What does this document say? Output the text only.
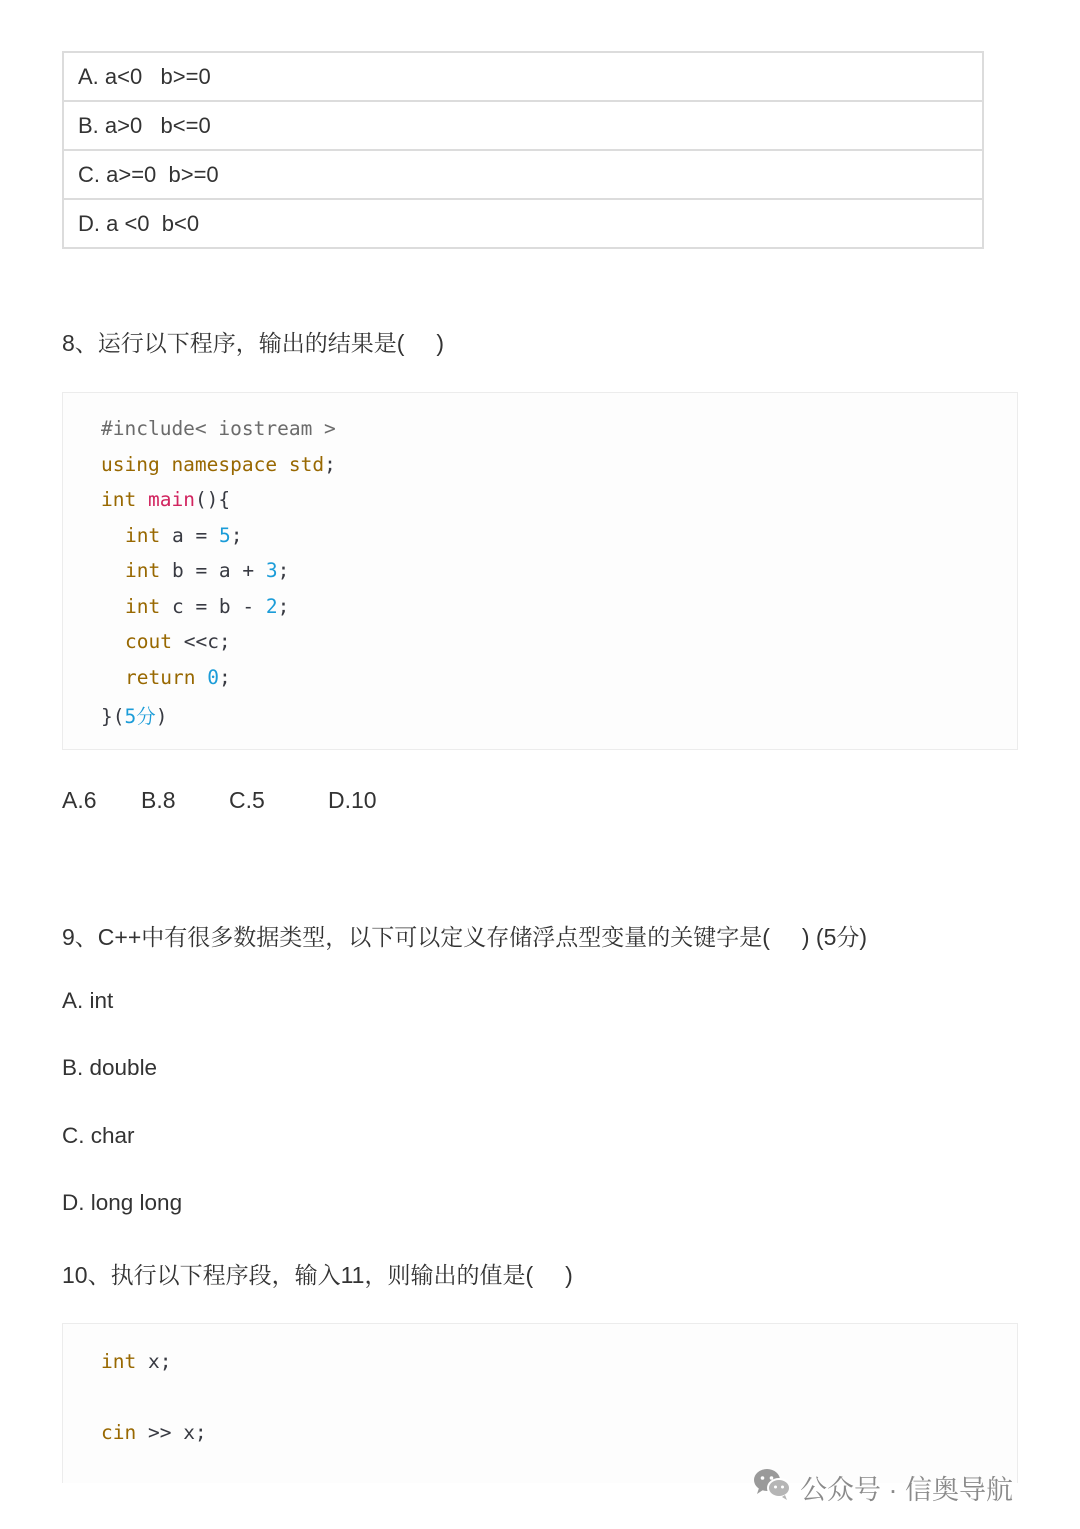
A. a<0   b>=0
B. a>0   b<=0
C. a>=0  b>=0
D. a <0  b<0
8、运行以下程序，输出的结果是(     )
#include< iostream >
using namespace std;
int main(){
int a = 5;
int b = a + 3;
int c = b - 2;
cout <<c;
return 0;
}(5分)
A.6 B.8 C.5	D.10
9、C++中有很多数据类型，以下可以定义存储浮点型变量的关键字是(     ) (5分)
A. int
B. double
C. char
D. long long
10、执行以下程序段，输入11，则输出的值是(     )
int x;
cin >> x;
公众号 · 信奥导航
